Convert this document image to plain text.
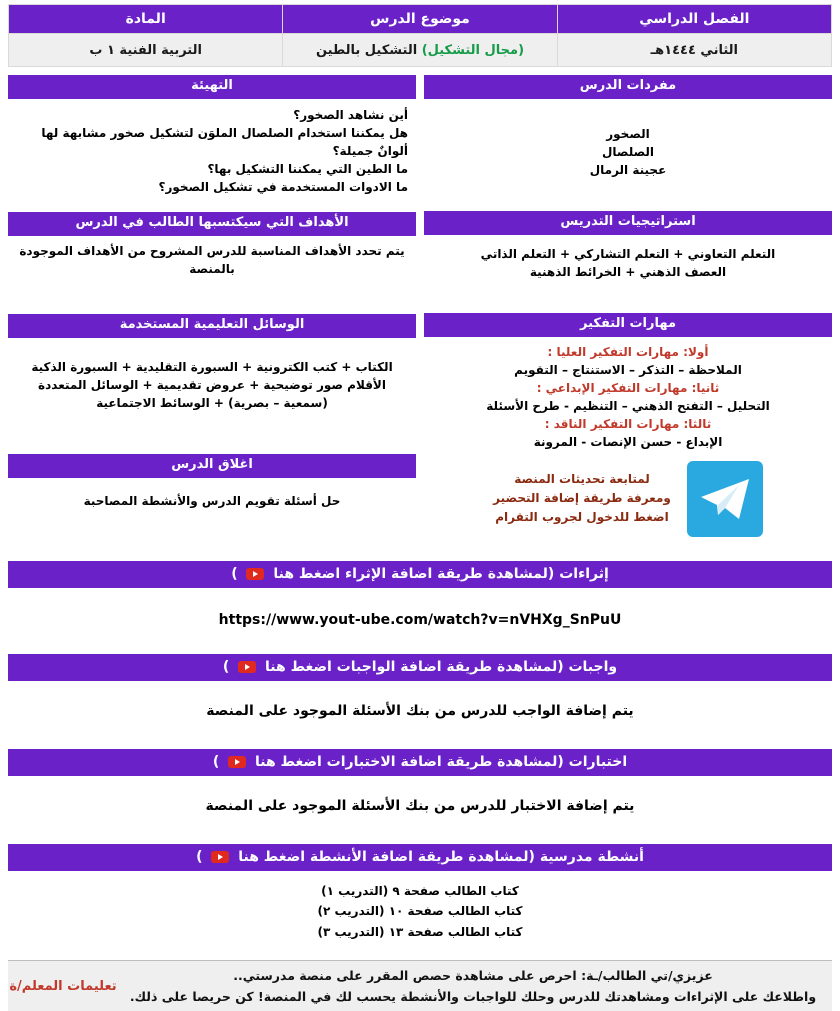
الفصل الدراسي	موضوع الدرس	المادة
الثاني ١٤٤٤هـ	(مجال التشكيل) التشكيل بالطين	التربية الفنية ١ ب
التهيئة

أين نشاهد الصخور؟

هل يمكننا استخدام الصلصال الملوَن لتشكيل صخور مشابهة لها ألوانٌ جميلة؟

ما الطين التي يمكننا التشكيل بها؟

ما الادوات المستخدمة في تشكيل الصخور؟

الأهداف التي سيكتسبها الطالب في الدرس

يتم تحدد الأهداف المناسبة للدرس المشروح من الأهداف الموجودة بالمنصة

الوسائل التعليمية المستخدمة

الكتاب + كتب الكترونية + السبورة التقليدية + السبورة الذكية

الأقلام صور توضيحية + عروض تقديمية + الوسائل المتعددة

(سمعية – بصرية) + الوسائط الاجتماعية

اغلاق الدرس

حل أسئلة تقويم الدرس والأنشطة المصاحبة

مفردات الدرس

الصخور

الصلصال

عجينة الرمال

استراتيجيات التدريس

التعلم التعاوني + التعلم التشاركي + التعلم الذاتي

العصف الذهني + الخرائط الذهنية

مهارات التفكير

أولا: مهارات التفكير العليا :

الملاحظة – التذكر – الاستنتاج – التقويم

ثانيا: مهارات التفكير الإبداعي :

التحليل – التفتح الذهني – التنظيم - طرح الأسئلة

ثالثا: مهارات التفكير الناقد :

الإبداع - حسن الإنصات - المرونة

لمتابعة تحديثات المنصة
ومعرفة طريقة إضافة التحضير
اضغط للدخول لجروب التقرام
إثراءات (لمشاهدة طريقة اضافة الإثراء اضغط هنا  )
https://www.yout-ube.com/watch?v=nVHXg_SnPuU
واجبات (لمشاهدة طريقة اضافة الواجبات اضغط هنا  )
يتم إضافة الواجب للدرس من بنك الأسئلة الموجود على المنصة
اختبارات (لمشاهدة طريقة اضافة الاختبارات اضغط هنا  )
يتم إضافة الاختبار للدرس من بنك الأسئلة الموجود على المنصة
أنشطة مدرسية (لمشاهدة طريقة اضافة الأنشطة اضغط هنا  )
كتاب الطالب صفحة ٩ (التدريب ١)
كتاب الطالب صفحة ١٠ (التدريب ٢)
كتاب الطالب صفحة ١٣ (التدريب ٣)
تعليمات المعلم/ة
عزيزي/تي الطالب/ـة: احرص على مشاهدة حصص المقرر على منصة مدرستي..
واطلاعك على الإثراءات ومشاهدتك للدرس وحلك للواجبات والأنشطة يحسب لك في المنصة! كن حريصا على ذلك.
